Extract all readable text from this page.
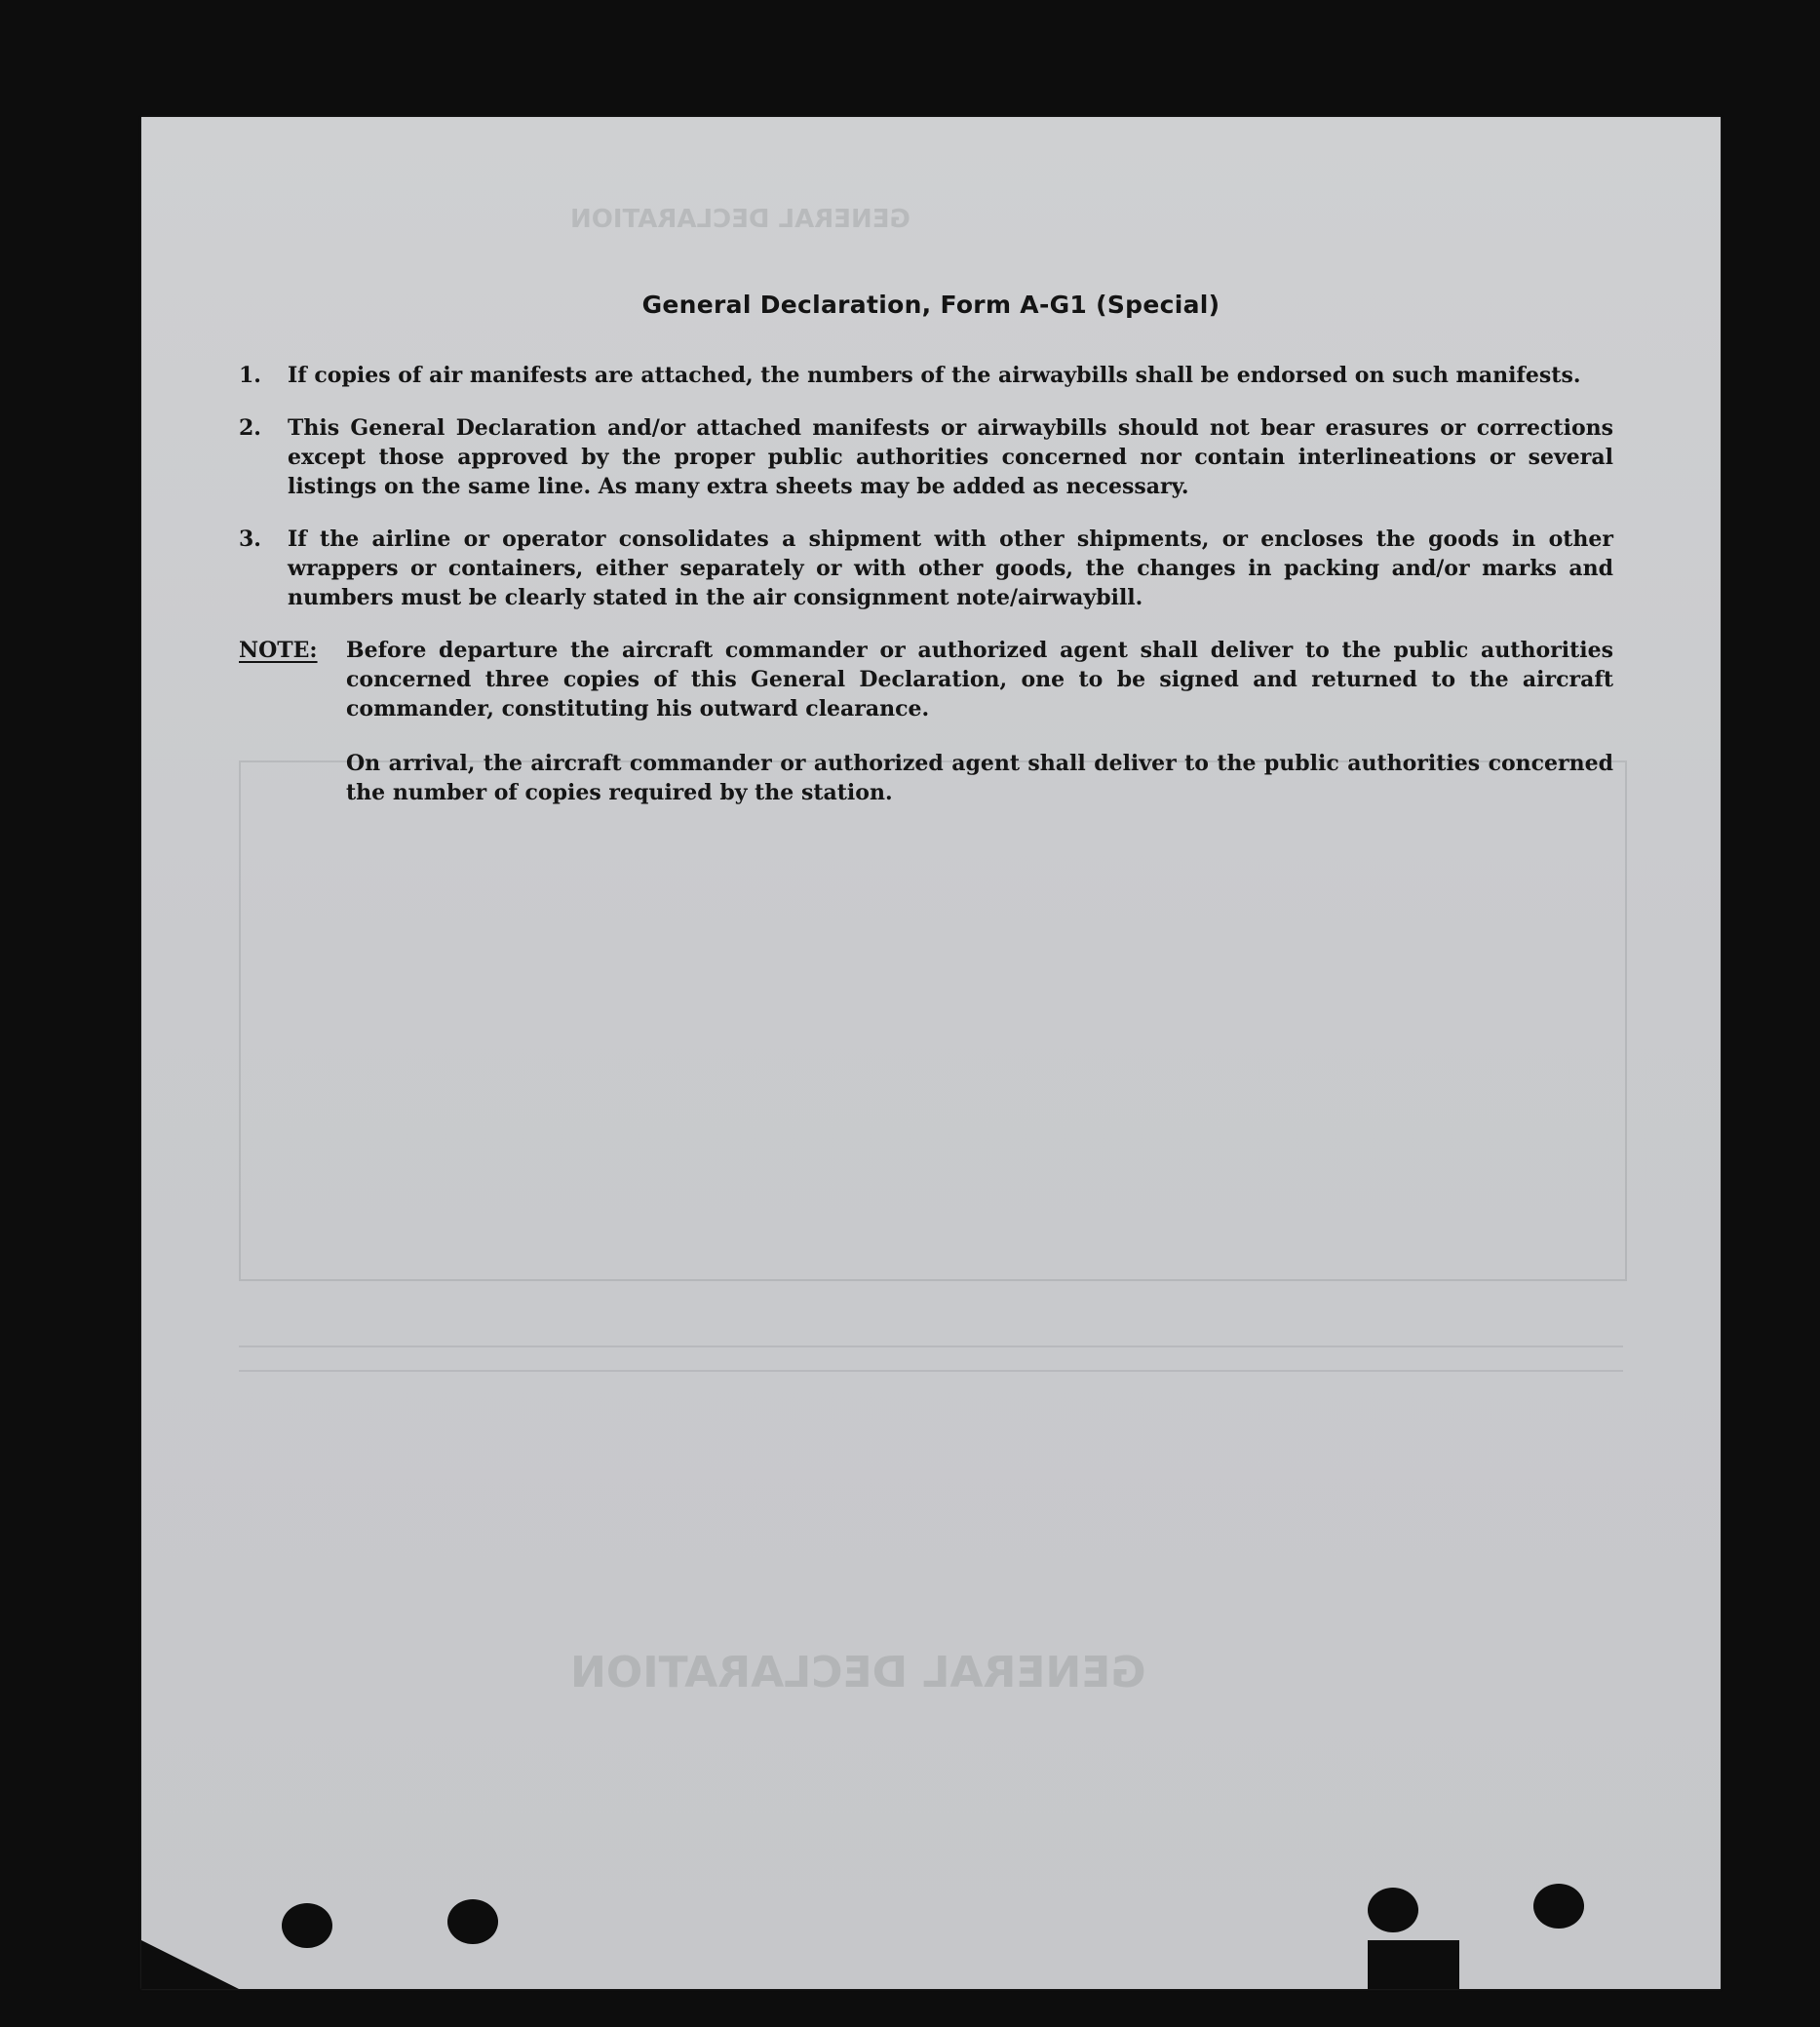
GENERAL DECLARATION
GENERAL DECLARATION
General Declaration, Form A-G1 (Special)
1.	If copies of air manifests are attached, the numbers of the airwaybills shall be endorsed on such manifests.
2.	This General Declaration and/or attached manifests or airwaybills should not bear erasures or corrections except those approved by the proper public authorities concerned nor contain interlineations or several listings on the same line. As many extra sheets may be added as necessary.
3.	If the airline or operator consolidates a shipment with other shipments, or encloses the goods in other wrappers or containers, either separately or with other goods, the changes in packing and/or marks and numbers must be clearly stated in the air consignment note/airwaybill.
NOTE:	Before departure the aircraft commander or authorized agent shall deliver to the public authorities concerned three copies of this General Declaration, one to be signed and returned to the aircraft commander, constituting his outward clearance.

On arrival, the aircraft commander or authorized agent shall deliver to the public authorities concerned the number of copies required by the station.
